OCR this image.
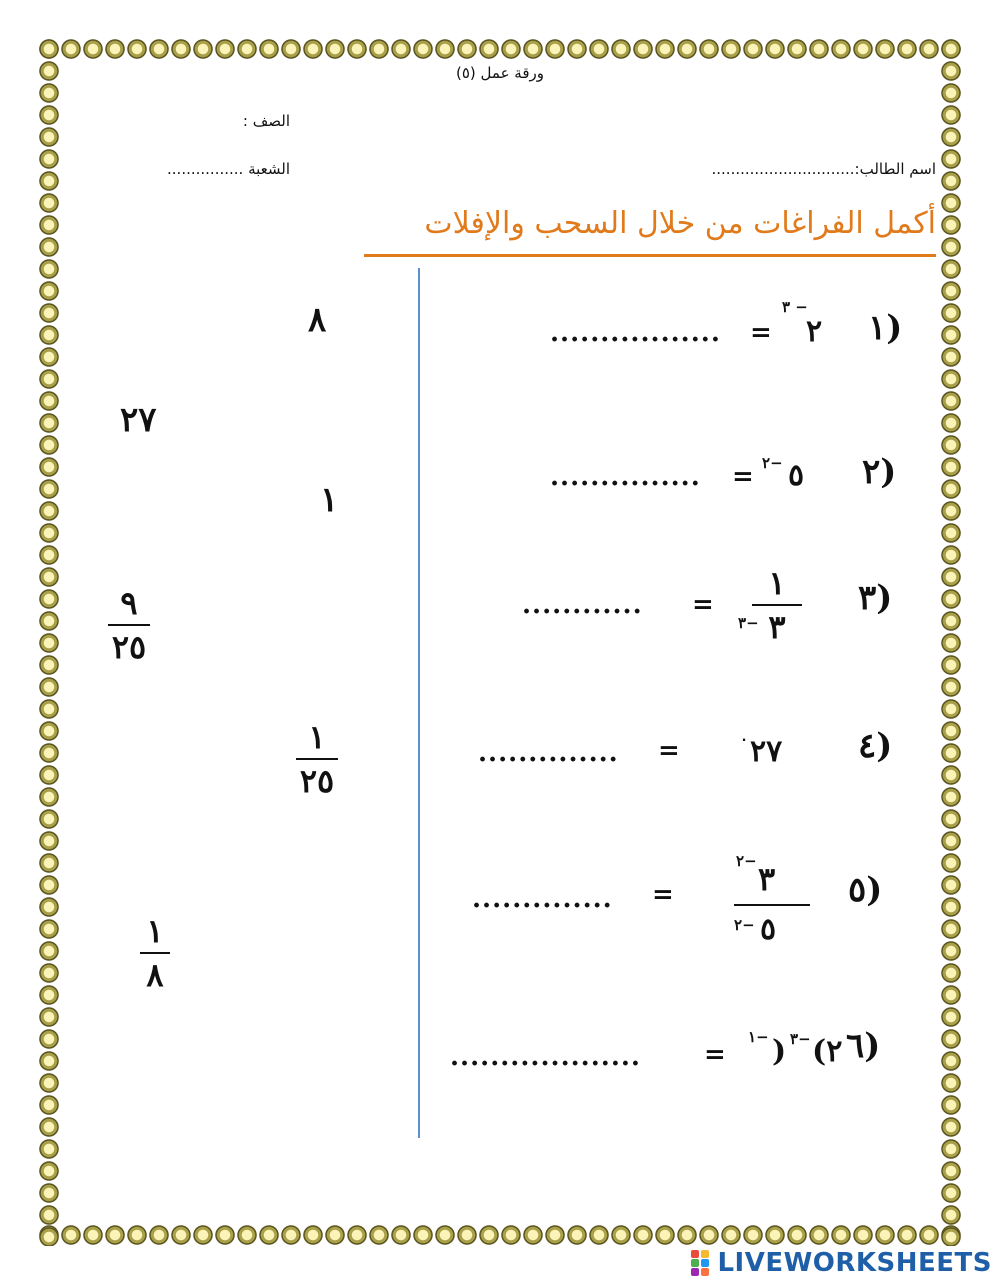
ورقة عمل (٥)
الصف :
الشعبة ................	اسم الطالب:..............................
أكمل الفراغات من خلال السحب والإفلات
١)
٢
٣ −
=
.................
٢)
٥
٢−
=
...............
٣)
١
٣
٣−
=
............
٤)
٢٧
٠
=
..............
٥)
٣
٢−
٥
٢−
=
..............
٦)
(٢
٣−
)
١−
=
...................
٨
٢٧
١
٩
٢٥
١
٢٥
١
٨
LIVEWORKSHEETS
